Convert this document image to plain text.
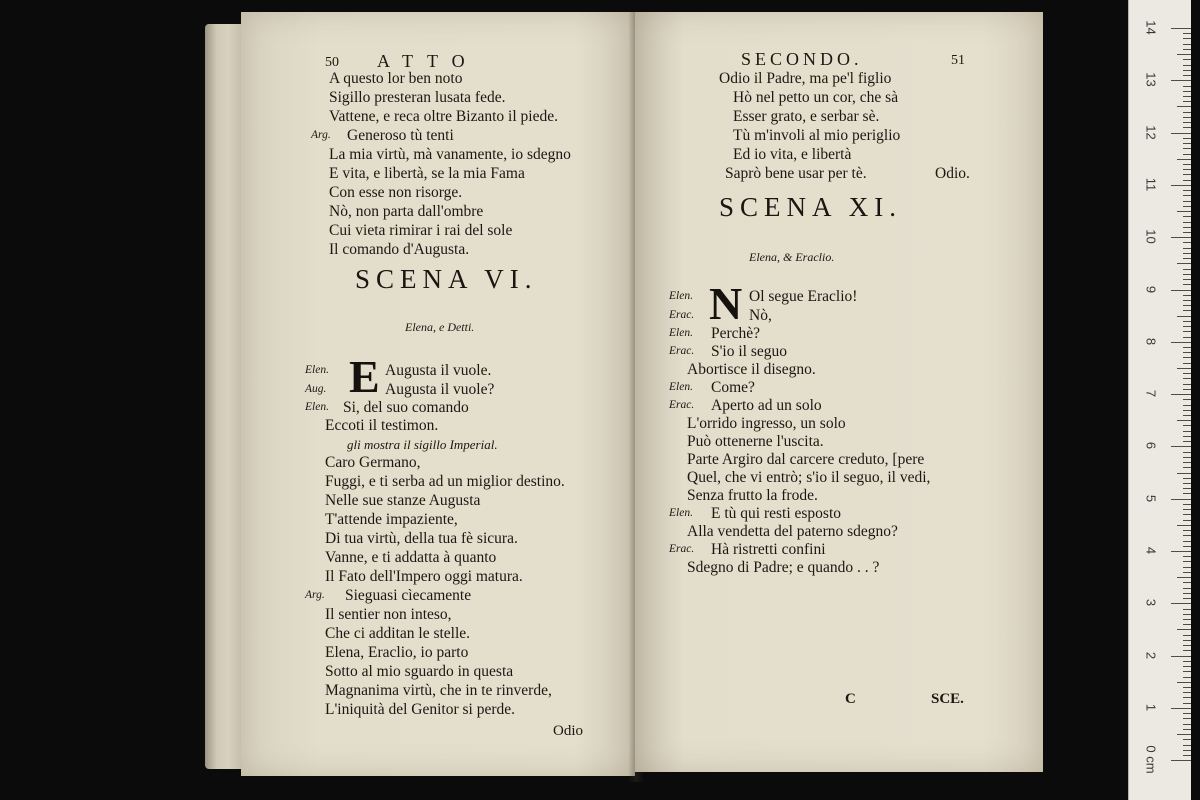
50 ATTO
A questo lor ben noto
Sigillo presteran lusata fede.
Vattene, e reca oltre Bizanto il piede.
Arg. Generoso tù tenti
La mia virtù, mà vanamente, io sdegno
E vita, e libertà, se la mia Fama
Con esse non risorge.
Nò, non parta dall'ombre
Cui vieta rimirar i rai del sole
Il comando d'Augusta.
SCENA VI.
Elena, e Detti.
E
Elen.	Augusta il vuole.
Aug.	Augusta il vuole?
Elen. Si, del suo comando
Eccoti il testimon.
gli mostra il sigillo Imperial.
Caro Germano,
Fuggi, e ti serba ad un miglior destino.
Nelle sue stanze Augusta
T'attende impaziente,
Di tua virtù, della tua fè sicura.
Vanne, e ti addatta à quanto
Il Fato dell'Impero oggi matura.
Arg. Sieguasi cìecamente
Il sentier non inteso,
Che ci additan le stelle.
Elena, Eraclio, io parto
Sotto al mio sguardo in questa
Magnanima virtù, che in te rinverde,
L'iniquità del Genitor si perde.
Odio
SECONDO.	51
Odio il Padre, ma pe'l figlio
Hò nel petto un cor, che sà
Esser grato, e serbar sè.
Tù m'involi al mio periglio
Ed io vita, e libertà
Saprò bene usar per tè.	Odio.
SCENA XI.
Elena, & Eraclio.
N
Elen.	Ol segue Eraclio!
Erac.	Nò,
Elen. Perchè?
Erac. S'io il seguo
Abortisce il disegno.
Elen. Come?
Erac. Aperto ad un solo
L'orrido ingresso, un solo
Può ottenerne l'uscita.
Parte Argiro dal carcere creduto, [pere
Quel, che vi entrò; s'io il seguo, il vedi,
Senza frutto la frode.
Elen. E tù qui resti esposto
Alla vendetta del paterno sdegno?
Erac. Hà ristretti confini
Sdegno di Padre; e quando . . ?
C	SCE.
0 cm
14
13
12
11
10
9
8
7
6
5
4
3
2
1
